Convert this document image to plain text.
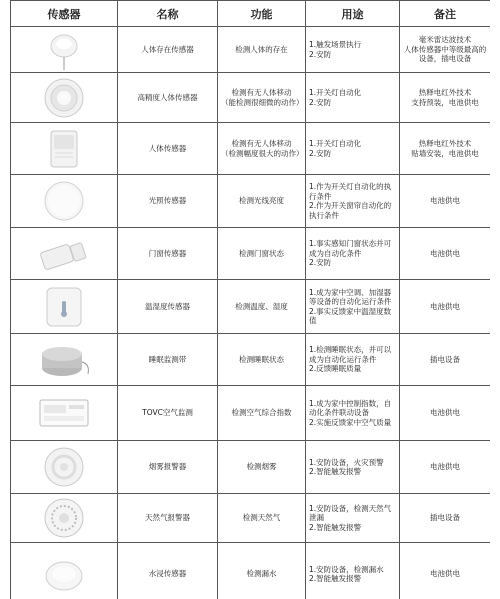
传感器	名称	功能	用途	备注

	人体存在传感器	检测人体的存在	1.触发场景执行
2.安防	毫米雷达波技术
人体传感器中等级最高的设备，插电设备

	高精度人体传感器	检测有无人体移动
（能检测很细微的动作）	1.开关灯自动化
2.安防	热释电红外技术
支持预装，电池供电

	人体传感器	检测有无人体移动
（检测幅度很大的动作）	1.开关灯自动化
2.安防	热释电红外技术
贴墙安装，电池供电

	光照传感器	检测光线亮度	1.作为开关灯自动化的执行条件
2.作为开关窗帘自动化的执行条件	电池供电

	门窗传感器	检测门窗状态	1.事实感知门窗状态并可成为自动化条件
2.安防	电池供电

	温湿度传感器	检测温度、湿度	1.成为家中空调、加湿器等设备的自动化运行条件
2.事实反馈家中温湿度数值	电池供电

	睡眠监测带	检测睡眠状态	1.检测睡眠状态，并可以成为自动化运行条件
2.反馈睡眠质量	插电设备

	TOVC空气监测	检测空气综合指数	1.成为家中控制指数，自动化条件联动设备
2.实施反馈家中空气质量	电池供电

	烟雾报警器	检测烟雾	1.安防设备，火灾预警
2.智能触发报警	电池供电

	天然气报警器	检测天然气	1.安防设备，检测天然气泄漏
2.智能触发报警	插电设备

	水浸传感器	检测漏水	1.安防设备，检测漏水
2.智能触发报警	电池供电
